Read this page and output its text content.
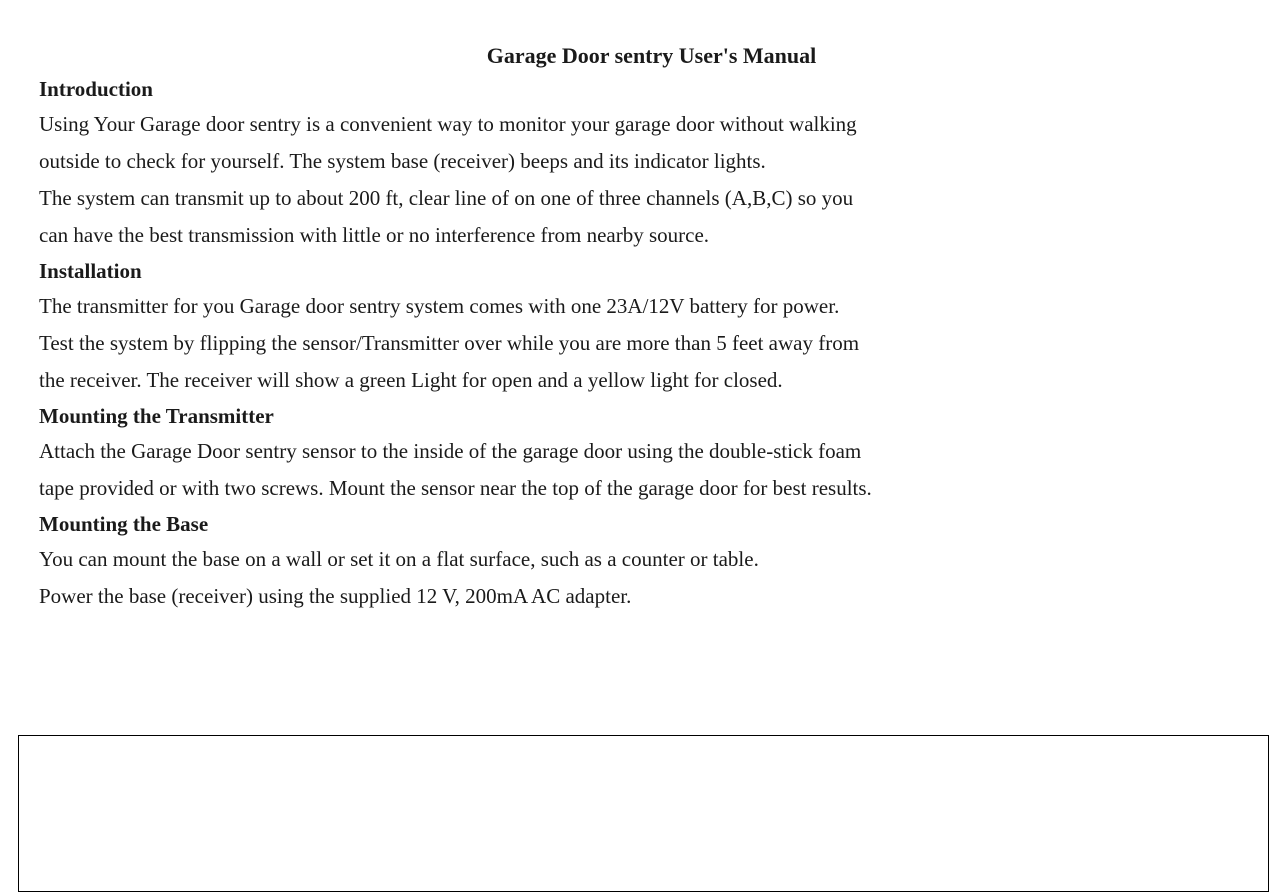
Garage Door sentry User's Manual
Introduction
Using Your Garage door sentry is a convenient way to monitor your garage door without walking
outside to check for yourself. The system base (receiver) beeps and its indicator lights.
The system can transmit up to about 200 ft, clear line of on one of three channels (A,B,C) so you
can have the best transmission with little or no interference from nearby source.
Installation
The transmitter for you Garage door sentry system comes with one 23A/12V battery for power.
Test the system by flipping the sensor/Transmitter over while you are more than 5 feet away from
the receiver. The receiver will show a green Light for open and a yellow light for closed.
Mounting the Transmitter
Attach the Garage Door sentry sensor to the inside of the garage door using the double-stick foam
tape provided or with two screws. Mount the sensor near the top of the garage door for best results.
Mounting the Base
You can mount the base on a wall or set it on a flat surface, such as a counter or table.
Power the base (receiver) using the supplied 12 V, 200mA AC adapter.
